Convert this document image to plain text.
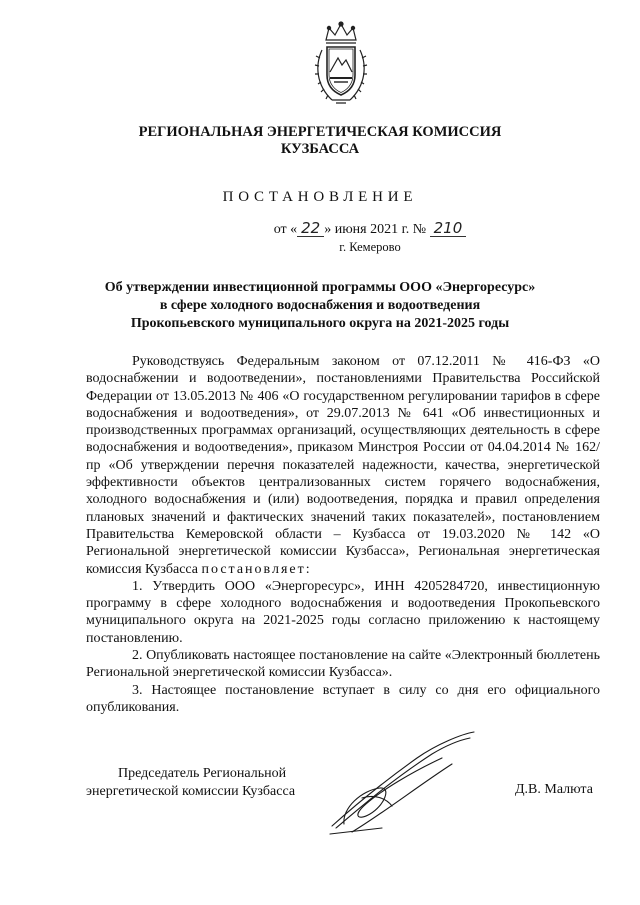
РЕГИОНАЛЬНАЯ ЭНЕРГЕТИЧЕСКАЯ КОМИССИЯ
КУЗБАССА
ПОСТАНОВЛЕНИЕ
от « 22 » июня 2021 г. № 210
г. Кемерово
Об утверждении инвестиционной программы ООО «Энергоресурс»
в сфере холодного водоснабжения и водоотведения
Прокопьевского муниципального округа на 2021-2025 годы

Руководствуясь Федеральным законом от 07.12.2011 № 416-ФЗ «О водоснабжении и водоотведении», постановлениями Правительства Российской Федерации от 13.05.2013 № 406 «О государственном регулировании тарифов в сфере водоснабжения и водоотведения», от 29.07.2013 № 641 «Об инвестиционных и производственных программах организаций, осуществляющих деятельность в сфере водоснабжения и водоотведения», приказом Минстроя России от 04.04.2014 № 162/пр «Об утверждении перечня показателей надежности, качества, энергетической эффективности объектов централизованных систем горячего водоснабжения, холодного водоснабжения и (или) водоотведения, порядка и правил определения плановых значений и фактических значений таких показателей», постановлением Правительства Кемеровской области – Кузбасса от 19.03.2020 № 142 «О Региональной энергетической комиссии Кузбасса», Региональная энергетическая комиссия Кузбасса постановляет:

1. Утвердить ООО «Энергоресурс», ИНН 4205284720, инвестиционную программу в сфере холодного водоснабжения и водоотведения Прокопьевского муниципального округа на 2021-2025 годы согласно приложению к настоящему постановлению.

2. Опубликовать настоящее постановление на сайте «Электронный бюллетень Региональной энергетической комиссии Кузбасса».

3. Настоящее постановление вступает в силу со дня его официального опубликования.

Председатель Региональной
энергетической комиссии Кузбасса	Д.В. Малюта
